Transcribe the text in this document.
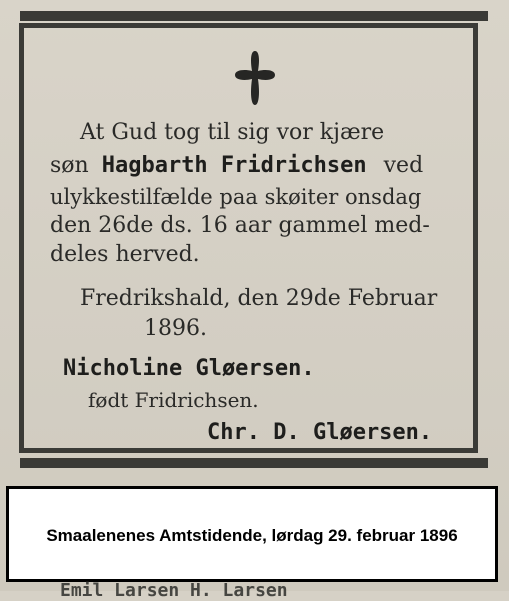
At Gud tog til sig vor kjære
søn Hagbarth Fridrichsen ved
ulykkestilfælde paa skøiter onsdag
den 26de ds. 16 aar gammel med-
deles herved.
Fredrikshald, den 29de Februar
1896.
Nicholine Gløersen.
født Fridrichsen.
Chr. D. Gløersen.
Smaalenenes Amtstidende, lørdag 29. februar 1896
Emil Larsen H. Larsen
